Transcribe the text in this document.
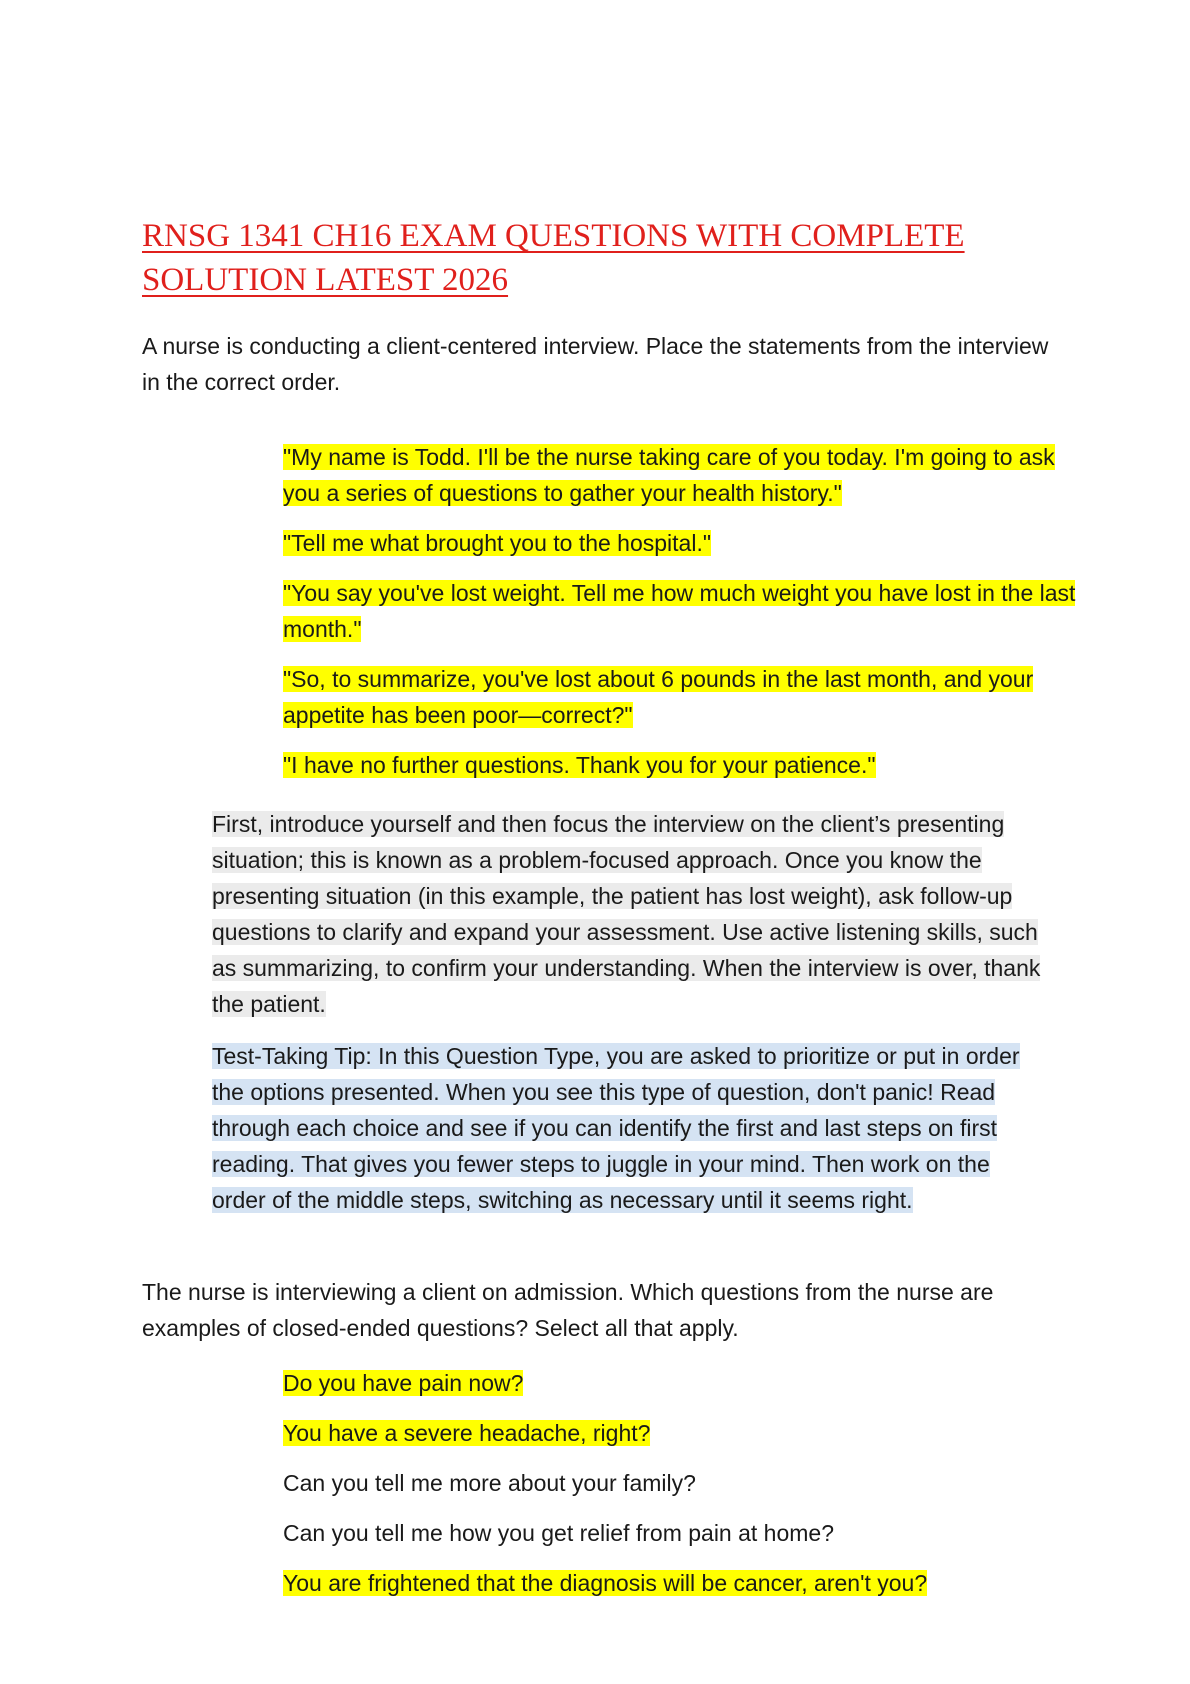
RNSG 1341 CH16 EXAM QUESTIONS WITH COMPLETE SOLUTION LATEST 2026

A nurse is conducting a client-centered interview. Place the statements from the interview in the correct order.

"My name is Todd. I'll be the nurse taking care of you today. I'm going to ask you a series of questions to gather your health history."
"Tell me what brought you to the hospital."
"You say you've lost weight. Tell me how much weight you have lost in the last month."
"So, to summarize, you've lost about 6 pounds in the last month, and your appetite has been poor—correct?"
"I have no further questions. Thank you for your patience."

First, introduce yourself and then focus the interview on the client’s presenting situation; this is known as a problem-focused approach. Once you know the presenting situation (in this example, the patient has lost weight), ask follow-up questions to clarify and expand your assessment. Use active listening skills, such as summarizing, to confirm your understanding. When the interview is over, thank the patient.

Test-Taking Tip: In this Question Type, you are asked to prioritize or put in order the options presented. When you see this type of question, don't panic! Read through each choice and see if you can identify the first and last steps on first reading. That gives you fewer steps to juggle in your mind. Then work on the order of the middle steps, switching as necessary until it seems right.

The nurse is interviewing a client on admission. Which questions from the nurse are examples of closed-ended questions? Select all that apply.

Do you have pain now?
You have a severe headache, right?
Can you tell me more about your family?
Can you tell me how you get relief from pain at home?
You are frightened that the diagnosis will be cancer, aren't you?
